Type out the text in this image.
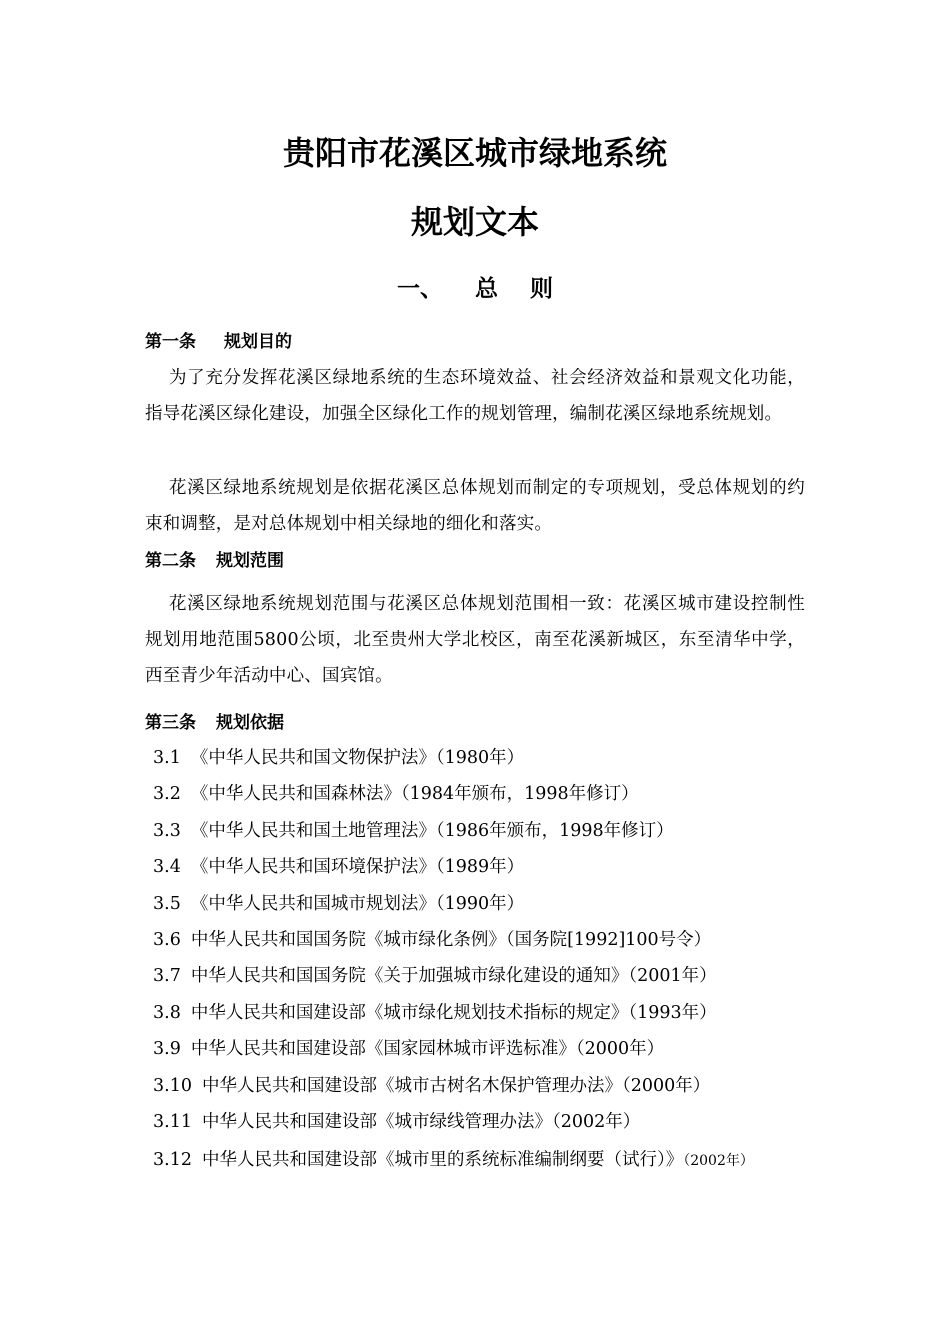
贵阳市花溪区城市绿地系统
规划文本
一、 总 则
第一条 规划目的

为了充分发挥花溪区绿地系统的生态环境效益、社会经济效益和景观文化功能，指导花溪区绿化建设，加强全区绿化工作的规划管理，编制花溪区绿地系统规划。

花溪区绿地系统规划是依据花溪区总体规划而制定的专项规划，受总体规划的约束和调整，是对总体规划中相关绿地的细化和落实。

第二条 规划范围

花溪区绿地系统规划范围与花溪区总体规划范围相一致：花溪区城市建设控制性规划用地范围5800公顷，北至贵州大学北校区，南至花溪新城区，东至清华中学，西至青少年活动中心、国宾馆。

第三条 规划依据
3.1 《中华人民共和国文物保护法》（1980年）
3.2 《中华人民共和国森林法》（1984年颁布，1998年修订）
3.3 《中华人民共和国土地管理法》（1986年颁布，1998年修订）
3.4 《中华人民共和国环境保护法》（1989年）
3.5 《中华人民共和国城市规划法》（1990年）
3.6 中华人民共和国国务院《城市绿化条例》（国务院[1992]100号令）
3.7 中华人民共和国国务院《关于加强城市绿化建设的通知》（2001年）
3.8 中华人民共和国建设部《城市绿化规划技术指标的规定》（1993年）
3.9 中华人民共和国建设部《国家园林城市评选标准》（2000年）
3.10 中华人民共和国建设部《城市古树名木保护管理办法》（2000年）
3.11 中华人民共和国建设部《城市绿线管理办法》（2002年）
3.12 中华人民共和国建设部《城市里的系统标准编制纲要（试行）》（2002年）
